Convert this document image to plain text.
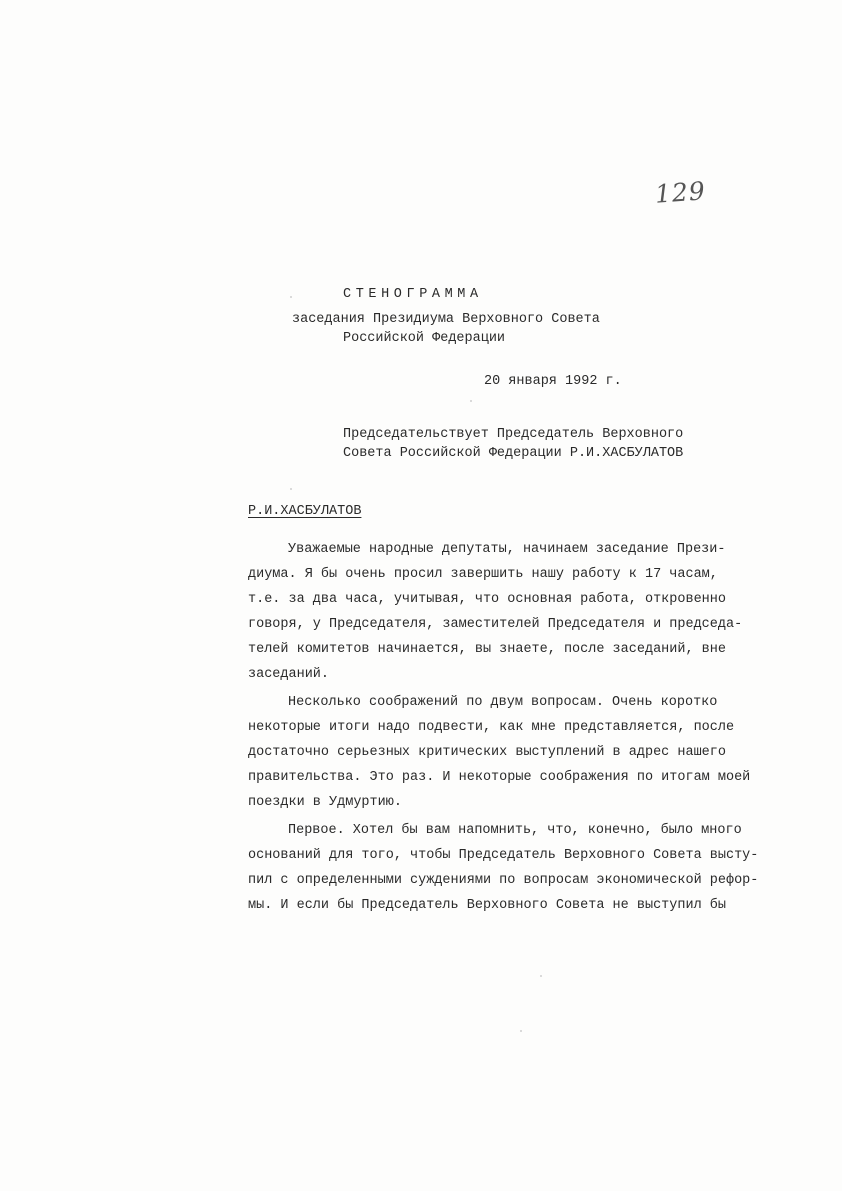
129
СТЕНОГРАММА
заседания Президиума Верховного Совета
Российской Федерации
20 января 1992 г.
Председательствует Председатель Верховного
Совета Российской Федерации Р.И.ХАСБУЛАТОВ
Р.И.ХАСБУЛАТОВ
Уважаемые народные депутаты, начинаем заседание Прези-
диума. Я бы очень просил завершить нашу работу к 17 часам,
т.е. за два часа, учитывая, что основная работа, откровенно
говоря, у Председателя, заместителей Председателя и председа-
телей комитетов начинается, вы знаете, после заседаний, вне
заседаний.
Несколько соображений по двум вопросам. Очень коротко
некоторые итоги надо подвести, как мне представляется, после
достаточно серьезных критических выступлений в адрес нашего
правительства. Это раз. И некоторые соображения по итогам моей
поездки в Удмуртию.
Первое. Хотел бы вам напомнить, что, конечно, было много
оснований для того, чтобы Председатель Верховного Совета высту-
пил с определенными суждениями по вопросам экономической рефор-
мы. И если бы Председатель Верховного Совета не выступил бы
